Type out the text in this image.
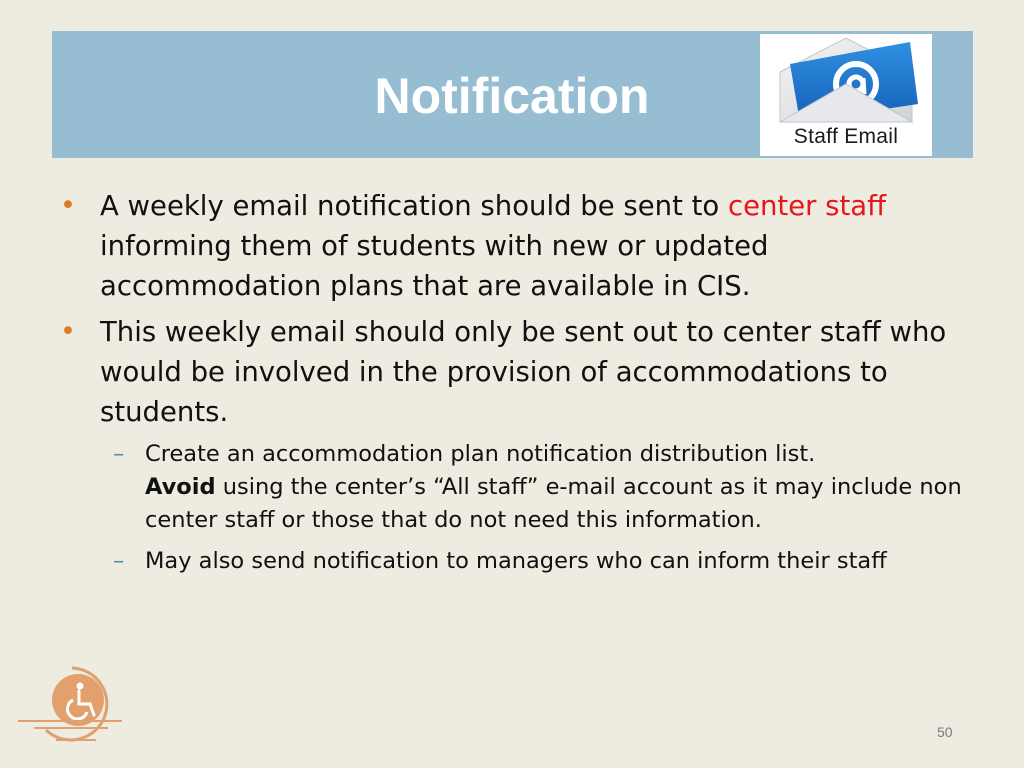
Notification
Staff Email
• A weekly email notification should be sent to center staff informing them of students with new or updated accommodation plans that are available in CIS.
• This weekly email should only be sent out to center staff who would be involved in the provision of accommodations to students.
– Create an accommodation plan notification distribution list.
Avoid using the center’s “All staff” e-mail account as it may include non center staff or those that do not need this information.
– May also send notification to managers who can inform their staff
50
